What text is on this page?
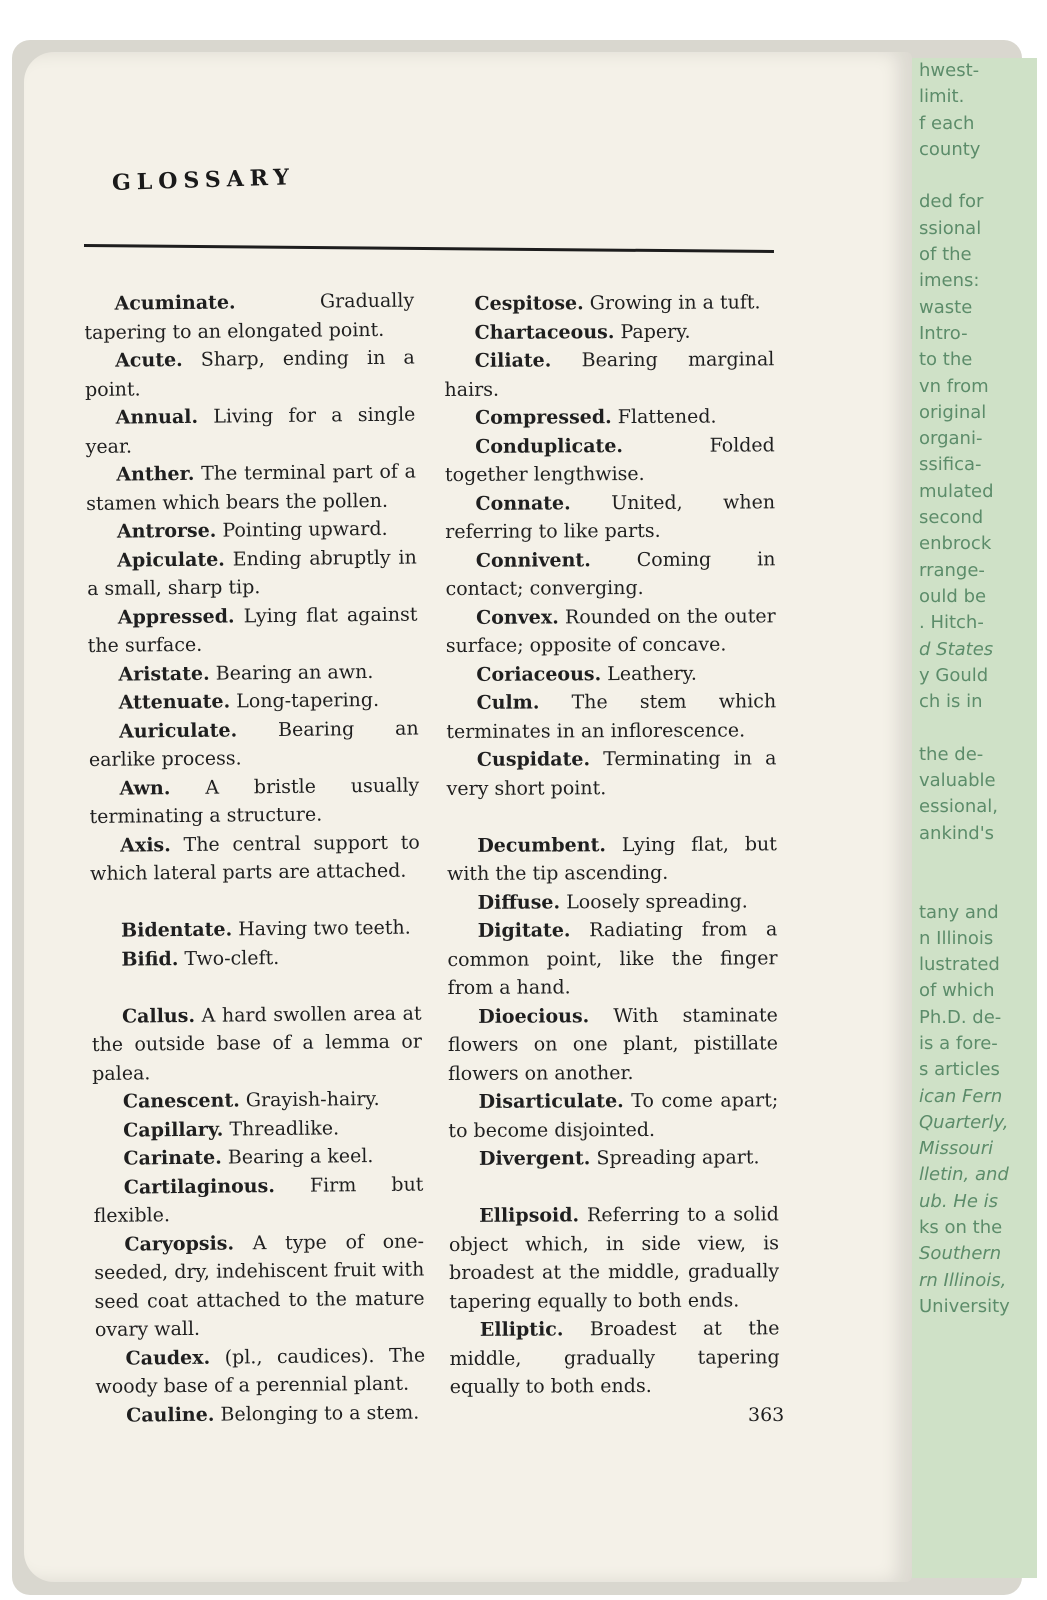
hwest-
limit.
f each
county
ded for
ssional
of the
imens:
waste
Intro-
to the
vn from
original
organi-
ssifica-
mulated
second
enbrock
rrange-
ould be
. Hitch-
d States
y Gould
ch is in
the de-
valuable
essional,
ankind's
tany and
n Illinois
lustrated
of which
Ph.D. de-
is a fore-
s articles
ican Fern
Quarterly,
Missouri
lletin, and
ub. He is
ks on the
Southern
rn Illinois,
University
GLOSSARY
Acuminate.	Gradually tapering to an elongated point.
Acute. Sharp, ending in a point.
Annual. Living for a single year.
Anther. The terminal part of a stamen which bears the pollen.
Antrorse. Pointing upward.
Apiculate. Ending abruptly in a small, sharp tip.
Appressed. Lying flat against the surface.
Aristate. Bearing an awn.
Attenuate. Long-tapering.
Auriculate. Bearing an earlike process.
Awn. A bristle usually terminating a structure.
Axis. The central support to which lateral parts are attached.
Bidentate. Having two teeth.
Bifid. Two-cleft.
Callus. A hard swollen area at the outside base of a lemma or palea.
Canescent. Grayish-hairy.
Capillary. Threadlike.
Carinate. Bearing a keel.
Cartilaginous. Firm but flexible.
Caryopsis. A type of one-seeded, dry, indehiscent fruit with seed coat attached to the mature ovary wall.
Caudex. (pl., caudices). The woody base of a perennial plant.
Cauline. Belonging to a stem.
Cespitose. Growing in a tuft.
Chartaceous. Papery.
Ciliate. Bearing marginal hairs.
Compressed. Flattened.
Conduplicate.	Folded together lengthwise.
Connate. United, when referring to like parts.
Connivent. Coming in contact; converging.
Convex. Rounded on the outer surface; opposite of concave.
Coriaceous. Leathery.
Culm. The stem which terminates in an inflorescence.
Cuspidate. Terminating in a very short point.
Decumbent. Lying flat, but with the tip ascending.
Diffuse. Loosely spreading.
Digitate. Radiating from a common point, like the finger from a hand.
Dioecious. With staminate flowers on one plant, pistillate flowers on another.
Disarticulate. To come apart; to become disjointed.
Divergent. Spreading apart.
Ellipsoid. Referring to a solid object which, in side view, is broadest at the middle, gradually tapering equally to both ends.
Elliptic. Broadest at the middle, gradually tapering equally to both ends.
363
